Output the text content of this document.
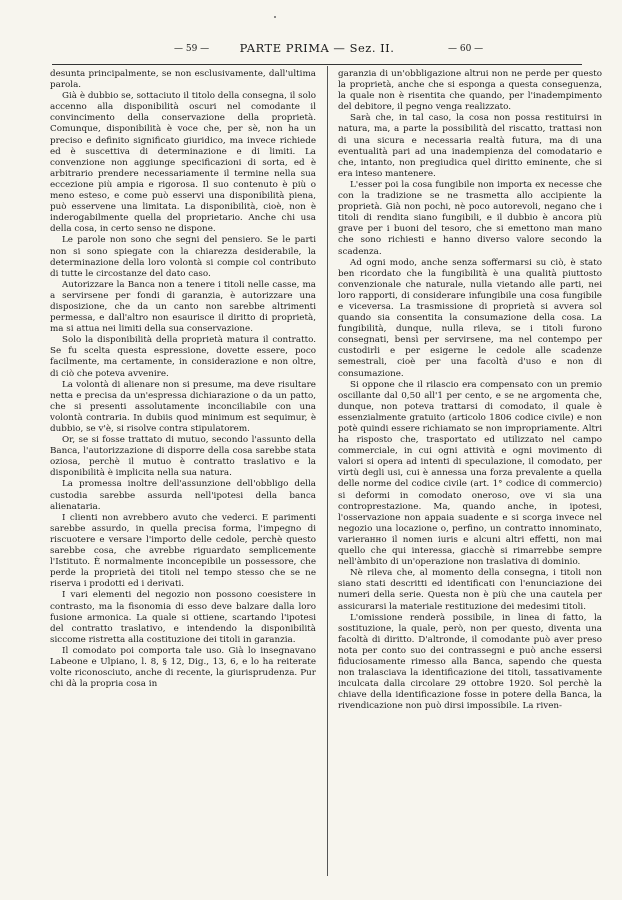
— 59 —	PARTE PRIMA — Sez. II.	— 60 —

desunta principalmente, se non esclusivamente, dall'ultima parola.

Già è dubbio se, sottaciuto il titolo della consegna, il solo accenno alla disponibilità oscuri nel comodante il convincimento della conservazione della proprietà. Comunque, disponibilità è voce che, per sè, non ha un preciso e definito significato giuridico, ma invece richiede ed è suscettiva di determinazione e di limiti. La convenzione non aggiunge specificazioni di sorta, ed è arbitrario prendere necessariamente il termine nella sua eccezione più ampia e rigorosa. Il suo contenuto è più o meno esteso, e come può esservi una disponibilità piena, può esservene una limitata. La disponibilità, cioè, non è inderogabilmente quella del proprietario. Anche chi usa della cosa, in certo senso ne dispone.

Le parole non sono che segni del pensiero. Se le parti non si sono spiegate con la chiarezza desiderabile, la determinazione della loro volontà si compie col contributo di tutte le circostanze del dato caso.

Autorizzare la Banca non a tenere i titoli nelle casse, ma a servirsene per fondi di garanzia, è autorizzare una disposizione, che da un canto non sarebbe altrimenti permessa, e dall'altro non esaurisce il diritto di proprietà, ma si attua nei limiti della sua conservazione.

Solo la disponibilità della proprietà matura il contratto. Se fu scelta questa espressione, dovette essere, poco facilmente, ma certamente, in considerazione e non oltre, di ciò che poteva avvenire.

La volontà di alienare non si presume, ma deve risultare netta e precisa da un'espressa dichiarazione o da un patto, che si presenti assolutamente inconciliabile con una volontà contraria. In dubiis quod minimum est sequimur, è dubbio, se v'è, si risolve contra stipulatorem.

Or, se si fosse trattato di mutuo, secondo l'assunto della Banca, l'autorizzazione di disporre della cosa sarebbe stata oziosa, perchè il mutuo è contratto traslativo e la disponibilità è implicita nella sua natura.

La promessa inoltre dell'assunzione dell'obbligo della custodia sarebbe assurda nell'ipotesi della banca alienataria.

I clienti non avrebbero avuto che vederci. E parimenti sarebbe assurdo, in quella precisa forma, l'impegno di riscuotere e versare l'importo delle cedole, perchè questo sarebbe cosa, che avrebbe riguardato semplicemente l'Istituto. È normalmente inconcepibile un possessore, che perde la proprietà dei titoli nel tempo stesso che se ne riserva i prodotti ed i derivati.

I vari elementi del negozio non possono coesistere in contrasto, ma la fisonomia di esso deve balzare dalla loro fusione armonica. La quale si ottiene, scartando l'ipotesi del contratto traslativo, e intendendo la disponibilità siccome ristretta alla costituzione dei titoli in garanzia.

Il comodato poi comporta tale uso. Già lo insegnavano Labeone e Ulpiano, l. 8, § 12, Dig., 13, 6, e lo ha reiterate volte riconosciuto, anche di recente, la giurisprudenza. Pur chi dà la propria cosa in

garanzia di un'obbligazione altrui non ne perde per questo la proprietà, anche che si esponga a questa conseguenza, la quale non è risentita che quando, per l'inadempimento del debitore, il pegno venga realizzato.

Sarà che, in tal caso, la cosa non possa restituirsi in natura, ma, a parte la possibilità del riscatto, trattasi non di una sicura e necessaria realtà futura, ma di una eventualità pari ad una inadempienza del comodatario e che, intanto, non pregiudica quel diritto eminente, che si era inteso mantenere.

L'esser poi la cosa fungibile non importa ex necesse che con la tradizione se ne trasmetta allo accipiente la proprietà. Già non pochi, nè poco autorevoli, negano che i titoli di rendita siano fungibili, e il dubbio è ancora più grave per i buoni del tesoro, che si emettono man mano che sono richiesti e hanno diverso valore secondo la scadenza.

Ad ogni modo, anche senza soffermarsi su ciò, è stato ben ricordato che la fungibilità è una qualità piuttosto convenzionale che naturale, nulla vietando alle parti, nei loro rapporti, di considerare infungibile una cosa fungibile e viceversa. La trasmissione di proprietà si avvera sol quando sia consentita la consumazione della cosa. La fungibilità, dunque, nulla rileva, se i titoli furono consegnati, bensì per servirsene, ma nel contempo per custodirli e per esigerne le cedole alle scadenze semestrali, cioè per una facoltà d'uso e non di consumazione.

Si oppone che il rilascio era compensato con un premio oscillante dal 0,50 all'1 per cento, e se ne argomenta che, dunque, non poteva trattarsi di comodato, il quale è essenzialmente gratuito (articolo 1806 codice civile) e non potè quindi essere richiamato se non impropriamente. Altri ha risposto che, trasportato ed utilizzato nel campo commerciale, in cui ogni attività e ogni movimento di valori si opera ad intenti di speculazione, il comodato, per virtù degli usi, cui è annessa una forza prevalente a quella delle norme del codice civile (art. 1° codice di commercio) si deformi in comodato oneroso, ove vi sia una controprestazione. Ma, quando anche, in ipotesi, l'osservazione non appaia suadente e si scorga invece nel negozio una locazione o, perfino, un contratto innominato, varierанно il nomen iuris e alcuni altri effetti, non mai quello che qui interessa, giacchè si rimarrebbe sempre nell'àmbito di un'operazione non traslativa di dominio.

Nè rileva che, al momento della consegna, i titoli non siano stati descritti ed identificati con l'enunciazione dei numeri della serie. Questa non è più che una cautela per assicurarsi la materiale restituzione dei medesimi titoli.

L'omissione renderà possibile, in linea di fatto, la sostituzione, la quale, però, non per questo, diventa una facoltà di diritto. D'altronde, il comodante può aver preso nota per conto suo dei contrassegni e può anche essersi fiduciosamente rimesso alla Banca, sapendo che questa non tralasciava la identificazione dei titoli, tassativamente inculcata dalla circolare 29 ottobre 1920. Sol perchè la chiave della identificazione fosse in potere della Banca, la rivendicazione non può dirsi impossibile. La riven-
